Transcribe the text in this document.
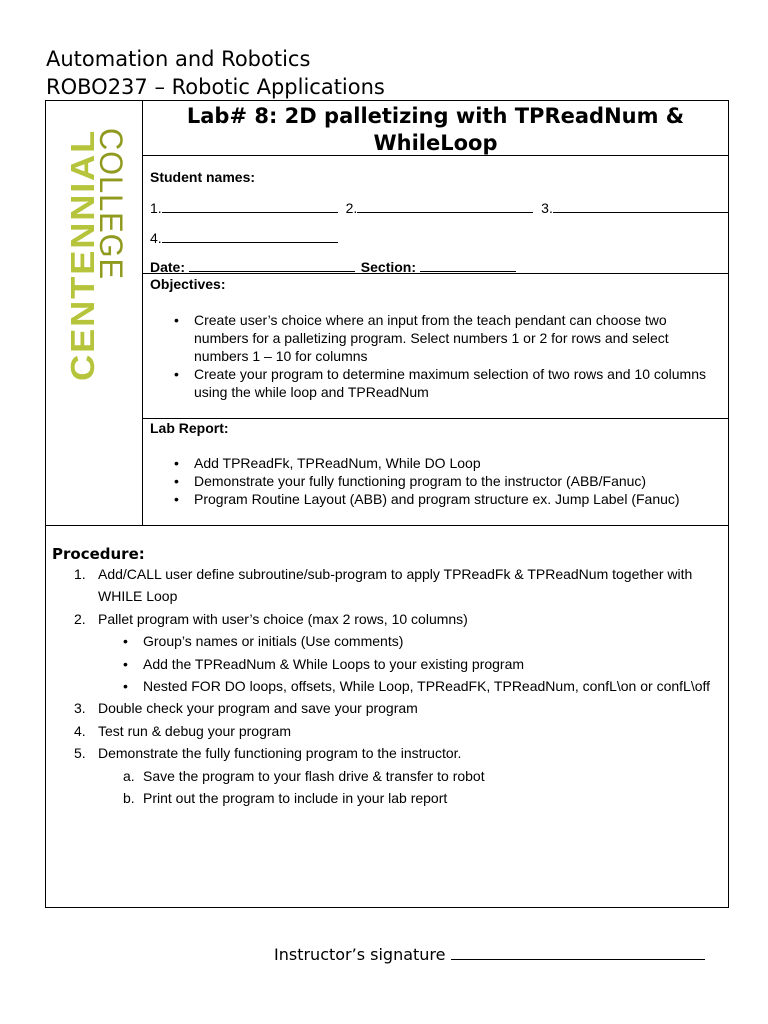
Automation and Robotics
ROBO237 – Robotic Applications
CENTENNIAL
COLLEGE
Lab# 8: 2D palletizing with TPReadNum & WhileLoop
Student names:
1.	2.	3.
4.
Date:	Section:
Objectives:
• Create user’s choice where an input from the teach pendant can choose two numbers for a palletizing program. Select numbers 1 or 2 for rows and select numbers 1 – 10 for columns
• Create your program to determine maximum selection of two rows and 10 columns using the while loop and TPReadNum
Lab Report:
• Add TPReadFk, TPReadNum, While DO Loop
• Demonstrate your fully functioning program to the instructor (ABB/Fanuc)
• Program Routine Layout (ABB) and program structure ex. Jump Label (Fanuc)
Procedure:
1. Add/CALL user define subroutine/sub-program to apply TPReadFk & TPReadNum together with WHILE Loop
2. Pallet program with user’s choice (max 2 rows, 10 columns)
• Group’s names or initials (Use comments)
• Add the TPReadNum & While Loops to your existing program
• Nested FOR DO loops, offsets, While Loop, TPReadFK, TPReadNum, confL\on or confL\off
3. Double check your program and save your program
4. Test run & debug your program
5. Demonstrate the fully functioning program to the instructor.
a. Save the program to your flash drive & transfer to robot
b. Print out the program to include in your lab report
Instructor’s signature
